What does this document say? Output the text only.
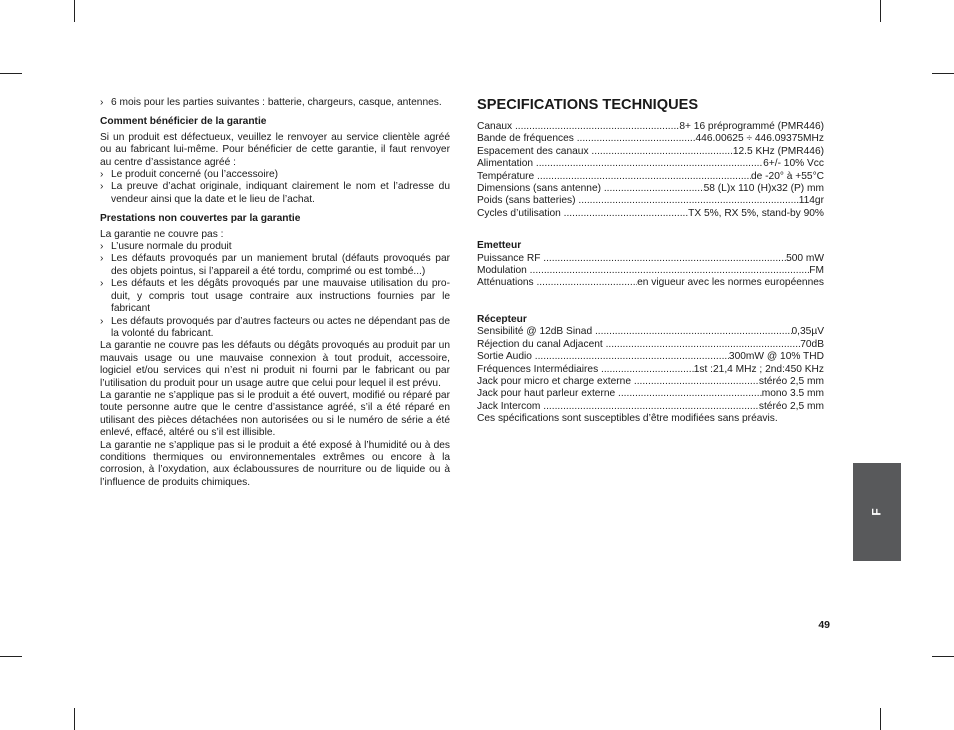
› 6 mois pour les parties suivantes : batterie, chargeurs, casque, antennes.

Comment bénéficier de la garantie

Si un produit est défectueux, veuillez le renvoyer au service clientèle agréé ou au fabricant lui-même. Pour bénéficier de cette garantie, il faut renvoyer au centre d’assistance agréé :

› Le produit concerné (ou l’accessoire)

› La preuve d’achat originale, indiquant clairement le nom et l’adresse du vendeur ainsi que la date et le lieu de l’achat.

Prestations non couvertes par la garantie

La garantie ne couvre pas :

› L’usure normale du produit

› Les défauts provoqués par un maniement brutal (défauts provoqués par des objets pointus, si l’appareil a été tordu, comprimé ou est tombé...)

› Les défauts et les dégâts provoqués par une mauvaise utilisation du pro-duit, y compris tout usage contraire aux instructions fournies par le fabricant

› Les défauts provoqués par d’autres facteurs ou actes ne dépendant pas de la volonté du fabricant.

La garantie ne couvre pas les défauts ou dégâts provoqués au produit par un mauvais usage ou une mauvaise connexion à tout produit, accessoire, logiciel et/ou services qui n’est ni produit ni fourni par le fabricant ou par l’utilisation du produit pour un usage autre que celui pour lequel il est prévu.

La garantie ne s’applique pas si le produit a été ouvert, modifié ou réparé par toute personne autre que le centre d’assistance agréé, s’il a été réparé en utilisant des pièces détachées non autorisées ou si le numéro de série a été enlevé, effacé, altéré ou s’il est illisible.

La garantie ne s’applique pas si le produit a été exposé à l’humidité ou à des conditions thermiques ou environnementales extrêmes ou encore à la corrosion, à l’oxydation, aux éclaboussures de nourriture ou de liquide ou à l’influence de produits chimiques.

SPECIFICATIONS TECHNIQUES
Canaux .....	8+ 16 préprogrammé (PMR446)
Bande de fréquences .....	446.00625 ÷ 446.09375MHz
Espacement des canaux .....	12.5 KHz (PMR446)
Alimentation .....	6+/- 10% Vcc
Température .....	de -20° à +55°C
Dimensions (sans antenne) .....	58 (L)x 110 (H)x32 (P) mm
Poids (sans batteries) .....	114gr
Cycles d’utilisation .....	TX 5%, RX 5%, stand-by 90%

Emetteur

Puissance RF .....	500 mW
Modulation .....	FM
Atténuations .....	en vigueur avec les normes européennes

Récepteur

Sensibilité @ 12dB Sinad .....	0,35µV
Réjection du canal Adjacent .....	70dB
Sortie Audio .....	300mW @ 10% THD
Fréquences Intermédiaires .....	1st :21,4 MHz ; 2nd:450 KHz
Jack pour micro et charge externe .....	stéréo 2,5 mm
Jack pour haut parleur externe .....	mono 3.5 mm
Jack Intercom .....	stéréo 2,5 mm

Ces spécifications sont susceptibles d’être modifiées sans préavis.

F
49
